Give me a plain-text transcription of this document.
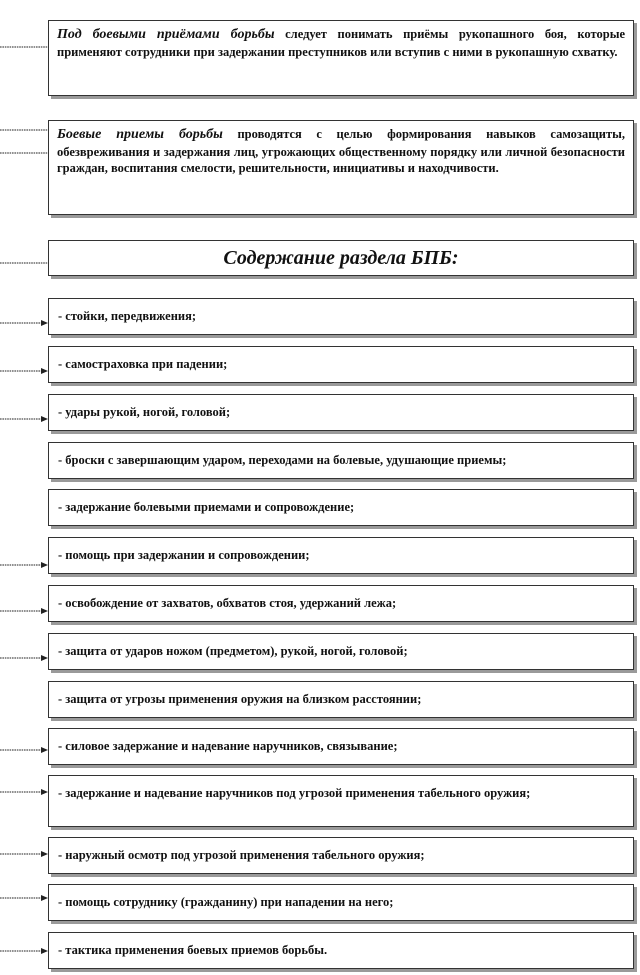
Под боевыми приёмами борьбы следует понимать приёмы рукопашного боя, которые применяют сотрудники при задержании преступников или вступив с ними в рукопашную схватку.
Боевые приемы борьбы проводятся с целью формирования навыков самозащиты, обезвреживания и задержания лиц, угрожающих общественному порядку или личной безопасности граждан, воспитания смелости, решительности, инициативы и находчивости.
Содержание раздела БПБ:
- стойки, передвижения;
- самостраховка при падении;
- удары рукой, ногой, головой;
- броски с завершающим ударом, переходами на болевые, удушающие приемы;
- задержание болевыми приемами и сопровождение;
- помощь при задержании и сопровождении;
- освобождение от захватов, обхватов стоя, удержаний лежа;
- защита от ударов ножом (предметом), рукой, ногой, головой;
- защита от угрозы применения оружия на близком расстоянии;
- силовое задержание и надевание наручников, связывание;
- задержание и надевание наручников под угрозой применения табельного оружия;
- наружный осмотр под угрозой применения табельного оружия;
- помощь сотруднику (гражданину) при нападении на него;
- тактика применения боевых приемов борьбы.
